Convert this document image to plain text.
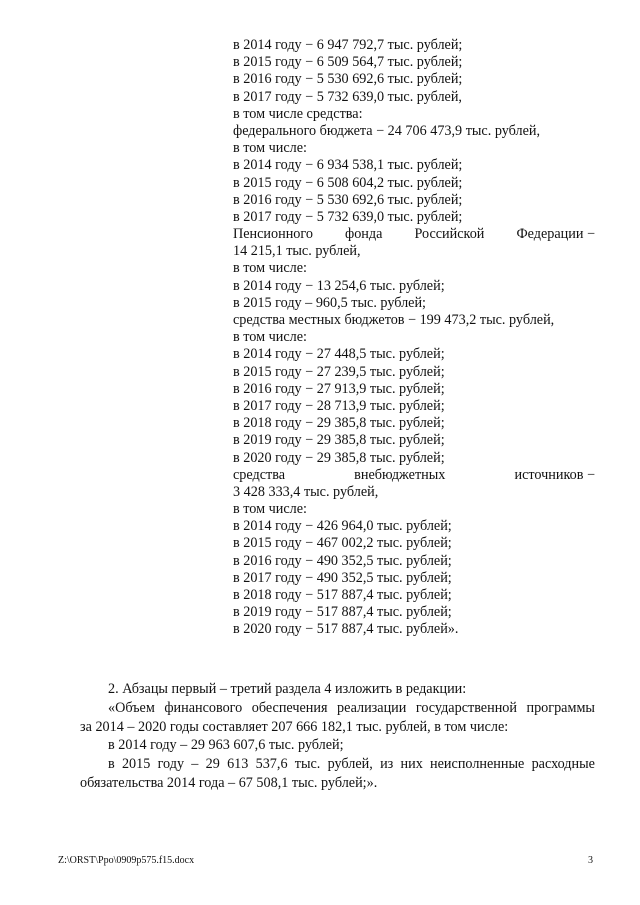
в 2014 году − 6 947 792,7 тыс. рублей;
в 2015 году − 6 509 564,7 тыс. рублей;
в 2016 году − 5 530 692,6 тыс. рублей;
в 2017 году − 5 732 639,0 тыс. рублей,
в том числе средства:
федерального бюджета − 24 706 473,9 тыс. рублей,
в том числе:
в 2014 году − 6 934 538,1 тыс. рублей;
в 2015 году − 6 508 604,2 тыс. рублей;
в 2016 году − 5 530 692,6 тыс. рублей;
в 2017 году − 5 732 639,0 тыс. рублей;
Пенсионного фонда Российской Федерации −
14 215,1 тыс. рублей,
в том числе:
в 2014 году − 13 254,6 тыс. рублей;
в 2015 году – 960,5 тыс. рублей;
средства местных бюджетов − 199 473,2 тыс. рублей,
в том числе:
в 2014 году − 27 448,5 тыс. рублей;
в 2015 году − 27 239,5 тыс. рублей;
в 2016 году − 27 913,9 тыс. рублей;
в 2017 году − 28 713,9 тыс. рублей;
в 2018 году − 29 385,8 тыс. рублей;
в 2019 году − 29 385,8 тыс. рублей;
в 2020 году − 29 385,8 тыс. рублей;
средства	внебюджетных	источников −
3 428 333,4 тыс. рублей,
в том числе:
в 2014 году − 426 964,0 тыс. рублей;
в 2015 году − 467 002,2 тыс. рублей;
в 2016 году − 490 352,5 тыс. рублей;
в 2017 году − 490 352,5 тыс. рублей;
в 2018 году − 517 887,4 тыс. рублей;
в 2019 году − 517 887,4 тыс. рублей;
в 2020 году − 517 887,4 тыс. рублей».
2. Абзацы первый – третий раздела 4 изложить в редакции:
«Объем финансового обеспечения реализации государственной программы
за 2014 – 2020 годы составляет 207 666 182,1 тыс. рублей, в том числе:
в 2014 году – 29 963 607,6 тыс. рублей;
в 2015 году – 29 613 537,6 тыс. рублей, из них неисполненные расходные
обязательства 2014 года – 67 508,1 тыс. рублей;».
Z:\ORST\Ppo\0909p575.f15.docx	3
